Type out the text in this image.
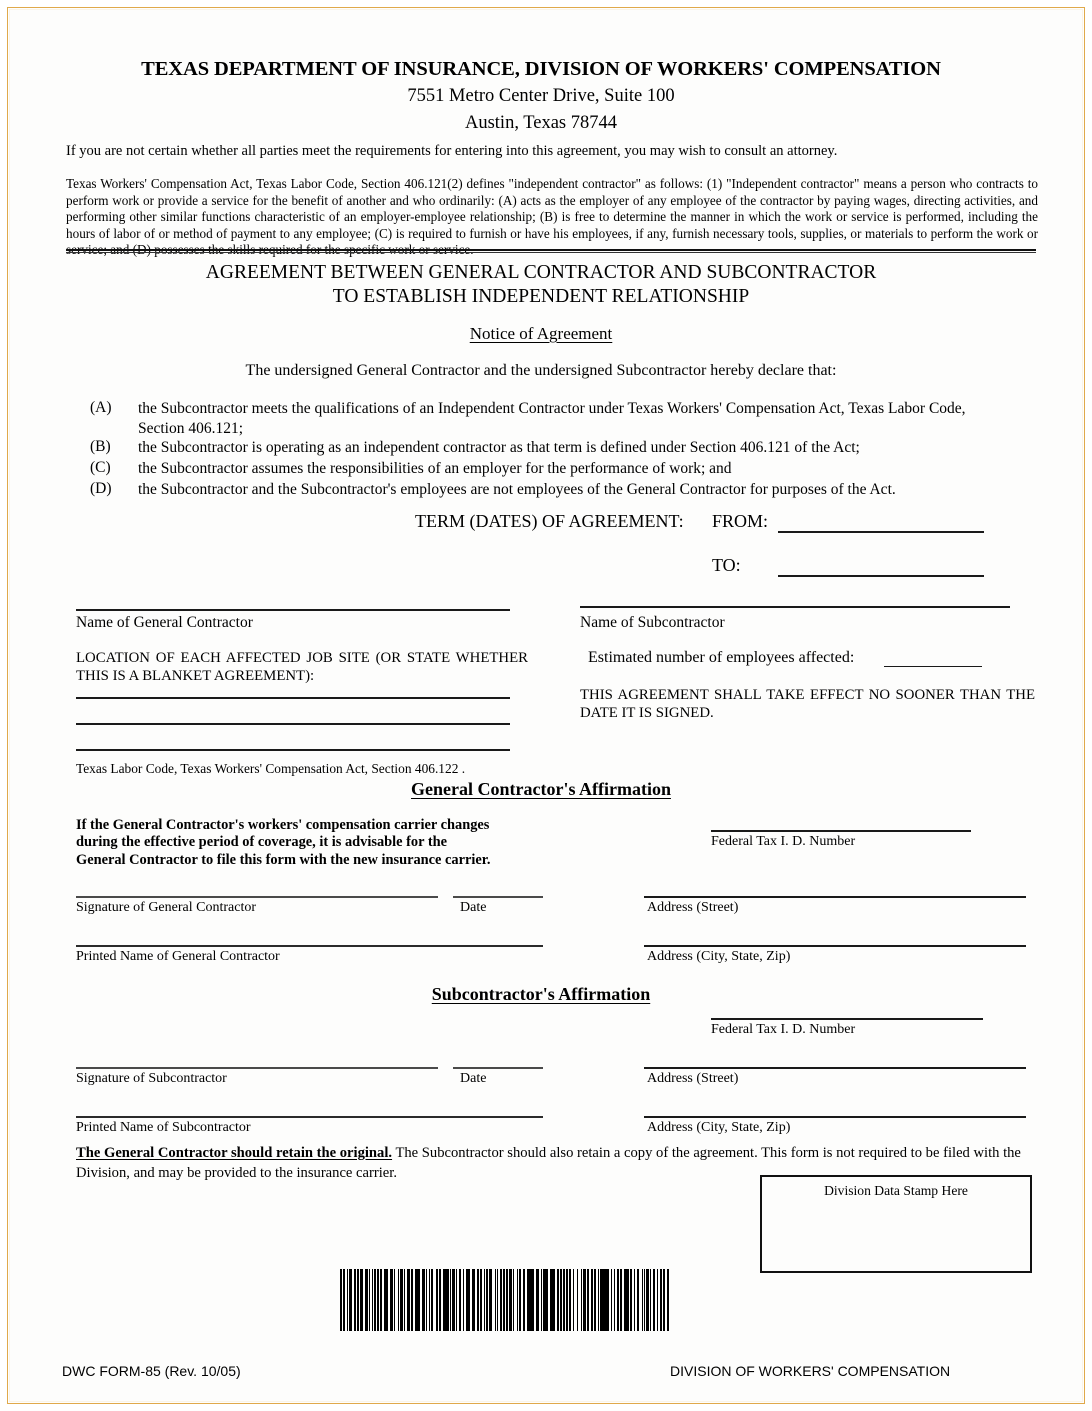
TEXAS DEPARTMENT OF INSURANCE, DIVISION OF WORKERS' COMPENSATION
7551 Metro Center Drive, Suite 100
Austin, Texas 78744
If you are not certain whether all parties meet the requirements for entering into this agreement, you may wish to consult an attorney.
Texas Workers' Compensation Act, Texas Labor Code, Section 406.121(2) defines "independent contractor" as follows: (1) "Independent contractor" means a person who contracts to perform work or provide a service for the benefit of another and who ordinarily: (A) acts as the employer of any employee of the contractor by paying wages, directing activities, and performing other similar functions characteristic of an employer-employee relationship; (B) is free to determine the manner in which the work or service is performed, including the hours of labor of or method of payment to any employee; (C) is required to furnish or have his employees, if any, furnish necessary tools, supplies, or materials to perform the work or service; and (D) possesses the skills required for the specific work or service.
AGREEMENT BETWEEN GENERAL CONTRACTOR AND SUBCONTRACTOR
TO ESTABLISH INDEPENDENT RELATIONSHIP
Notice of Agreement
The undersigned General Contractor and the undersigned Subcontractor hereby declare that:
(A) the Subcontractor meets the qualifications of an Independent Contractor under Texas Workers' Compensation Act, Texas Labor Code, Section 406.121;
(B) the Subcontractor is operating as an independent contractor as that term is defined under Section 406.121 of the Act;
(C) the Subcontractor assumes the responsibilities of an employer for the performance of work; and
(D) the Subcontractor and the Subcontractor's employees are not employees of the General Contractor for purposes of the Act.
TERM (DATES) OF AGREEMENT: FROM:
TO:
Name of General Contractor	Name of Subcontractor
LOCATION OF EACH AFFECTED JOB SITE (OR STATE WHETHER THIS IS A BLANKET AGREEMENT):
Estimated number of employees affected:
THIS AGREEMENT SHALL TAKE EFFECT NO SOONER THAN THE DATE IT IS SIGNED.
Texas Labor Code, Texas Workers' Compensation Act, Section 406.122 .
General Contractor's Affirmation
If the General Contractor's workers' compensation carrier changes
during the effective period of coverage, it is advisable for the
General Contractor to file this form with the new insurance carrier.
Federal Tax I. D. Number
Signature of General Contractor	Date	Address (Street)
Printed Name of General Contractor	Address (City, State, Zip)
Subcontractor's Affirmation
Federal Tax I. D. Number
Signature of Subcontractor	Date	Address (Street)
Printed Name of Subcontractor	Address (City, State, Zip)
The General Contractor should retain the original. The Subcontractor should also retain a copy of the agreement. This form is not required to be filed with the Division, and may be provided to the insurance carrier.
Division Data Stamp Here
DWC FORM-85 (Rev. 10/05)	DIVISION OF WORKERS' COMPENSATION
